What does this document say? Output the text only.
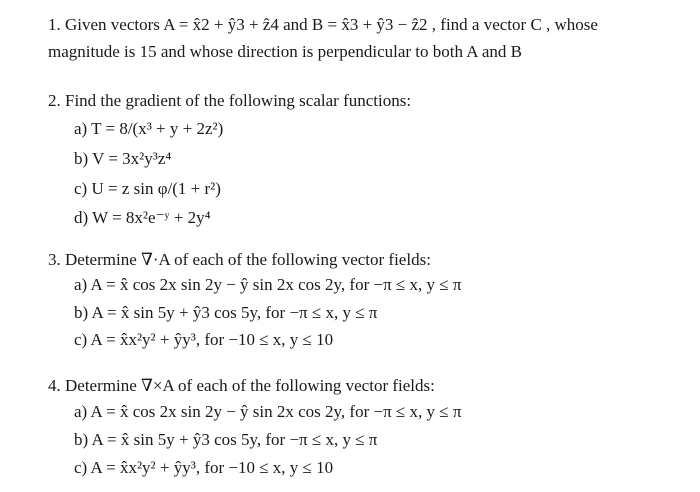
1. Given vectors A = x̂2 + ŷ3 + ẑ4 and B = x̂3 + ŷ3 − ẑ2 , find a vector C , whose
magnitude is 15 and whose direction is perpendicular to both A and B
2. Find the gradient of the following scalar functions:
a) T = 8/(x³ + y + 2z²)
b) V = 3x²y³z⁴
c) U = z sin φ/(1 + r²)
d) W = 8x²e⁻ʸ + 2y⁴
3. Determine ∇·A of each of the following vector fields:
a) A = x̂ cos 2x sin 2y − ŷ sin 2x cos 2y, for −π ≤ x, y ≤ π
b) A = x̂ sin 5y + ŷ3 cos 5y, for −π ≤ x, y ≤ π
c) A = x̂x²y² + ŷy³, for −10 ≤ x, y ≤ 10
4. Determine ∇×A of each of the following vector fields:
a) A = x̂ cos 2x sin 2y − ŷ sin 2x cos 2y, for −π ≤ x, y ≤ π
b) A = x̂ sin 5y + ŷ3 cos 5y, for −π ≤ x, y ≤ π
c) A = x̂x²y² + ŷy³, for −10 ≤ x, y ≤ 10
